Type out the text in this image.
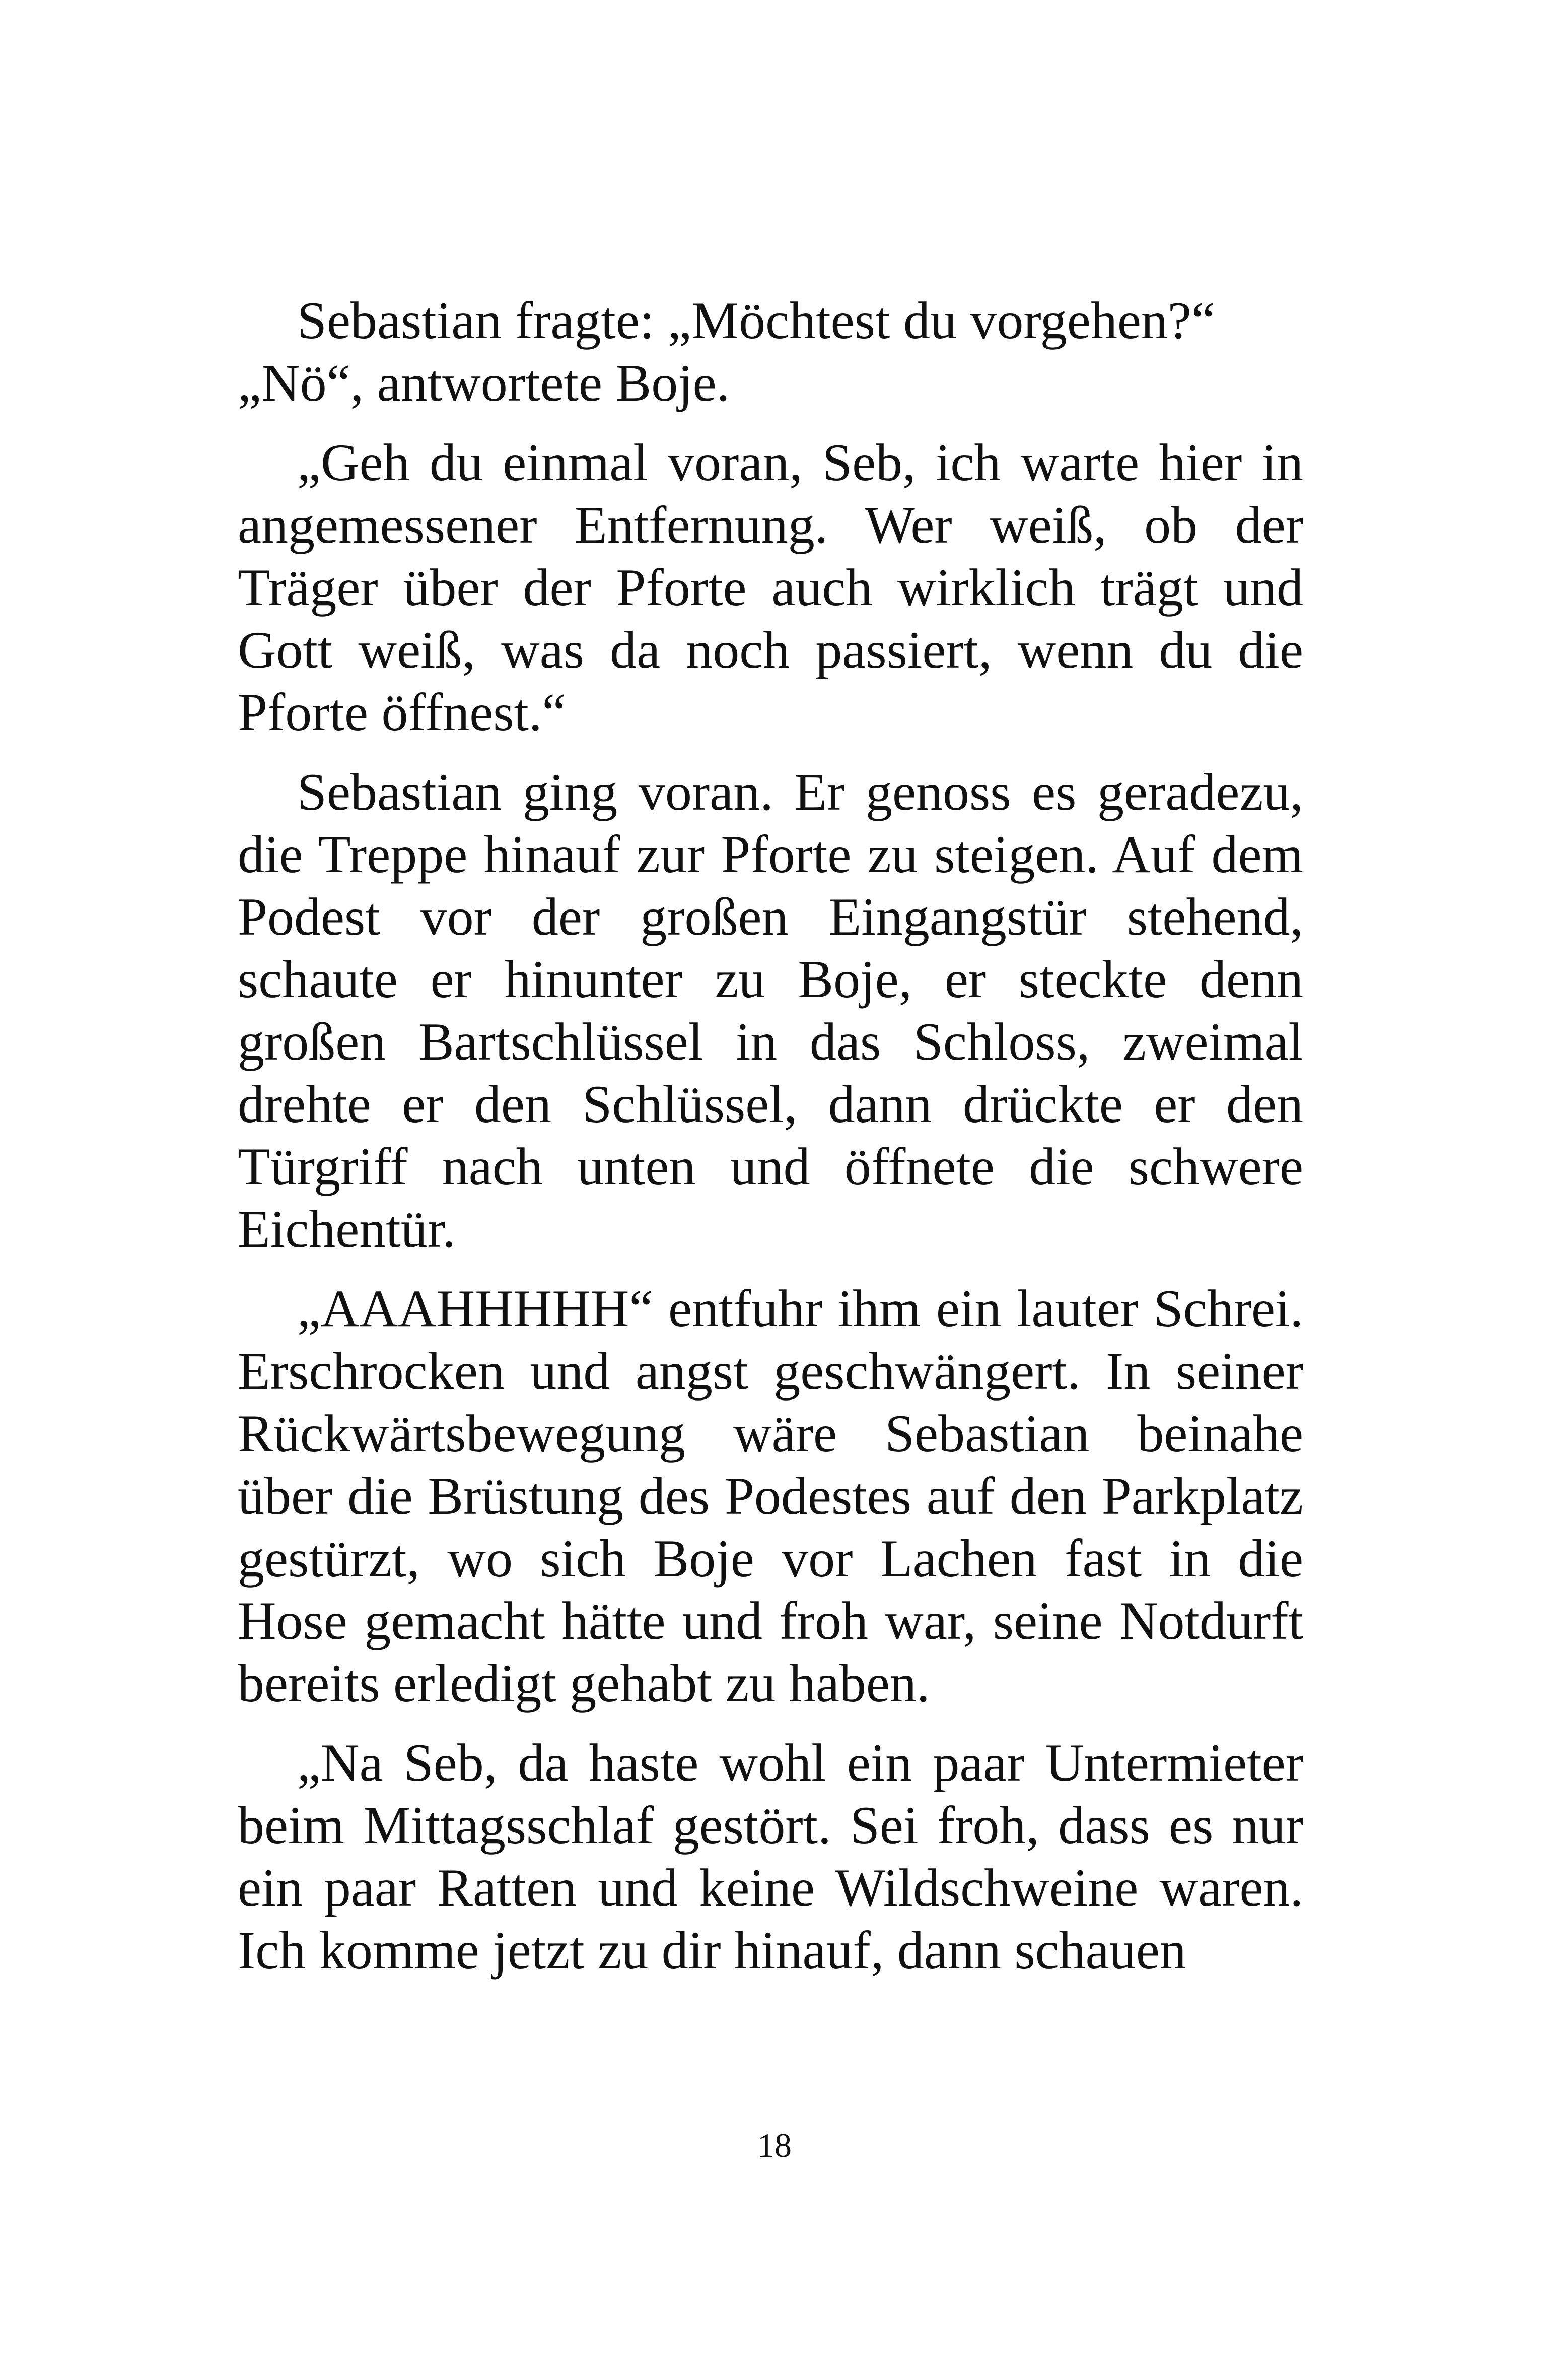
Sebastian fragte: „Möchtest du vorgehen?“
„Nö“, antwortete Boje.

„Geh du einmal voran, Seb, ich warte hier in angemessener Entfernung. Wer weiß, ob der Träger über der Pforte auch wirklich trägt und Gott weiß, was da noch passiert, wenn du die Pforte öffnest.“

Sebastian ging voran. Er genoss es geradezu, die Treppe hinauf zur Pforte zu steigen. Auf dem Podest vor der großen Eingangstür stehend, schaute er hinunter zu Boje, er steckte denn großen Bartschlüssel in das Schloss, zweimal drehte er den Schlüssel, dann drückte er den Türgriff nach unten und öffnete die schwere Eichentür.

„AAAHHHHH“ entfuhr ihm ein lauter Schrei. Erschrocken und angst geschwängert. In seiner Rückwärtsbewegung wäre Sebastian beinahe über die Brüstung des Podestes auf den Parkplatz gestürzt, wo sich Boje vor Lachen fast in die Hose gemacht hätte und froh war, seine Notdurft bereits erledigt gehabt zu haben.

„Na Seb, da haste wohl ein paar Untermieter beim Mittagsschlaf gestört. Sei froh, dass es nur ein paar Ratten und keine Wildschweine waren. Ich komme jetzt zu dir hinauf, dann schauen

18
